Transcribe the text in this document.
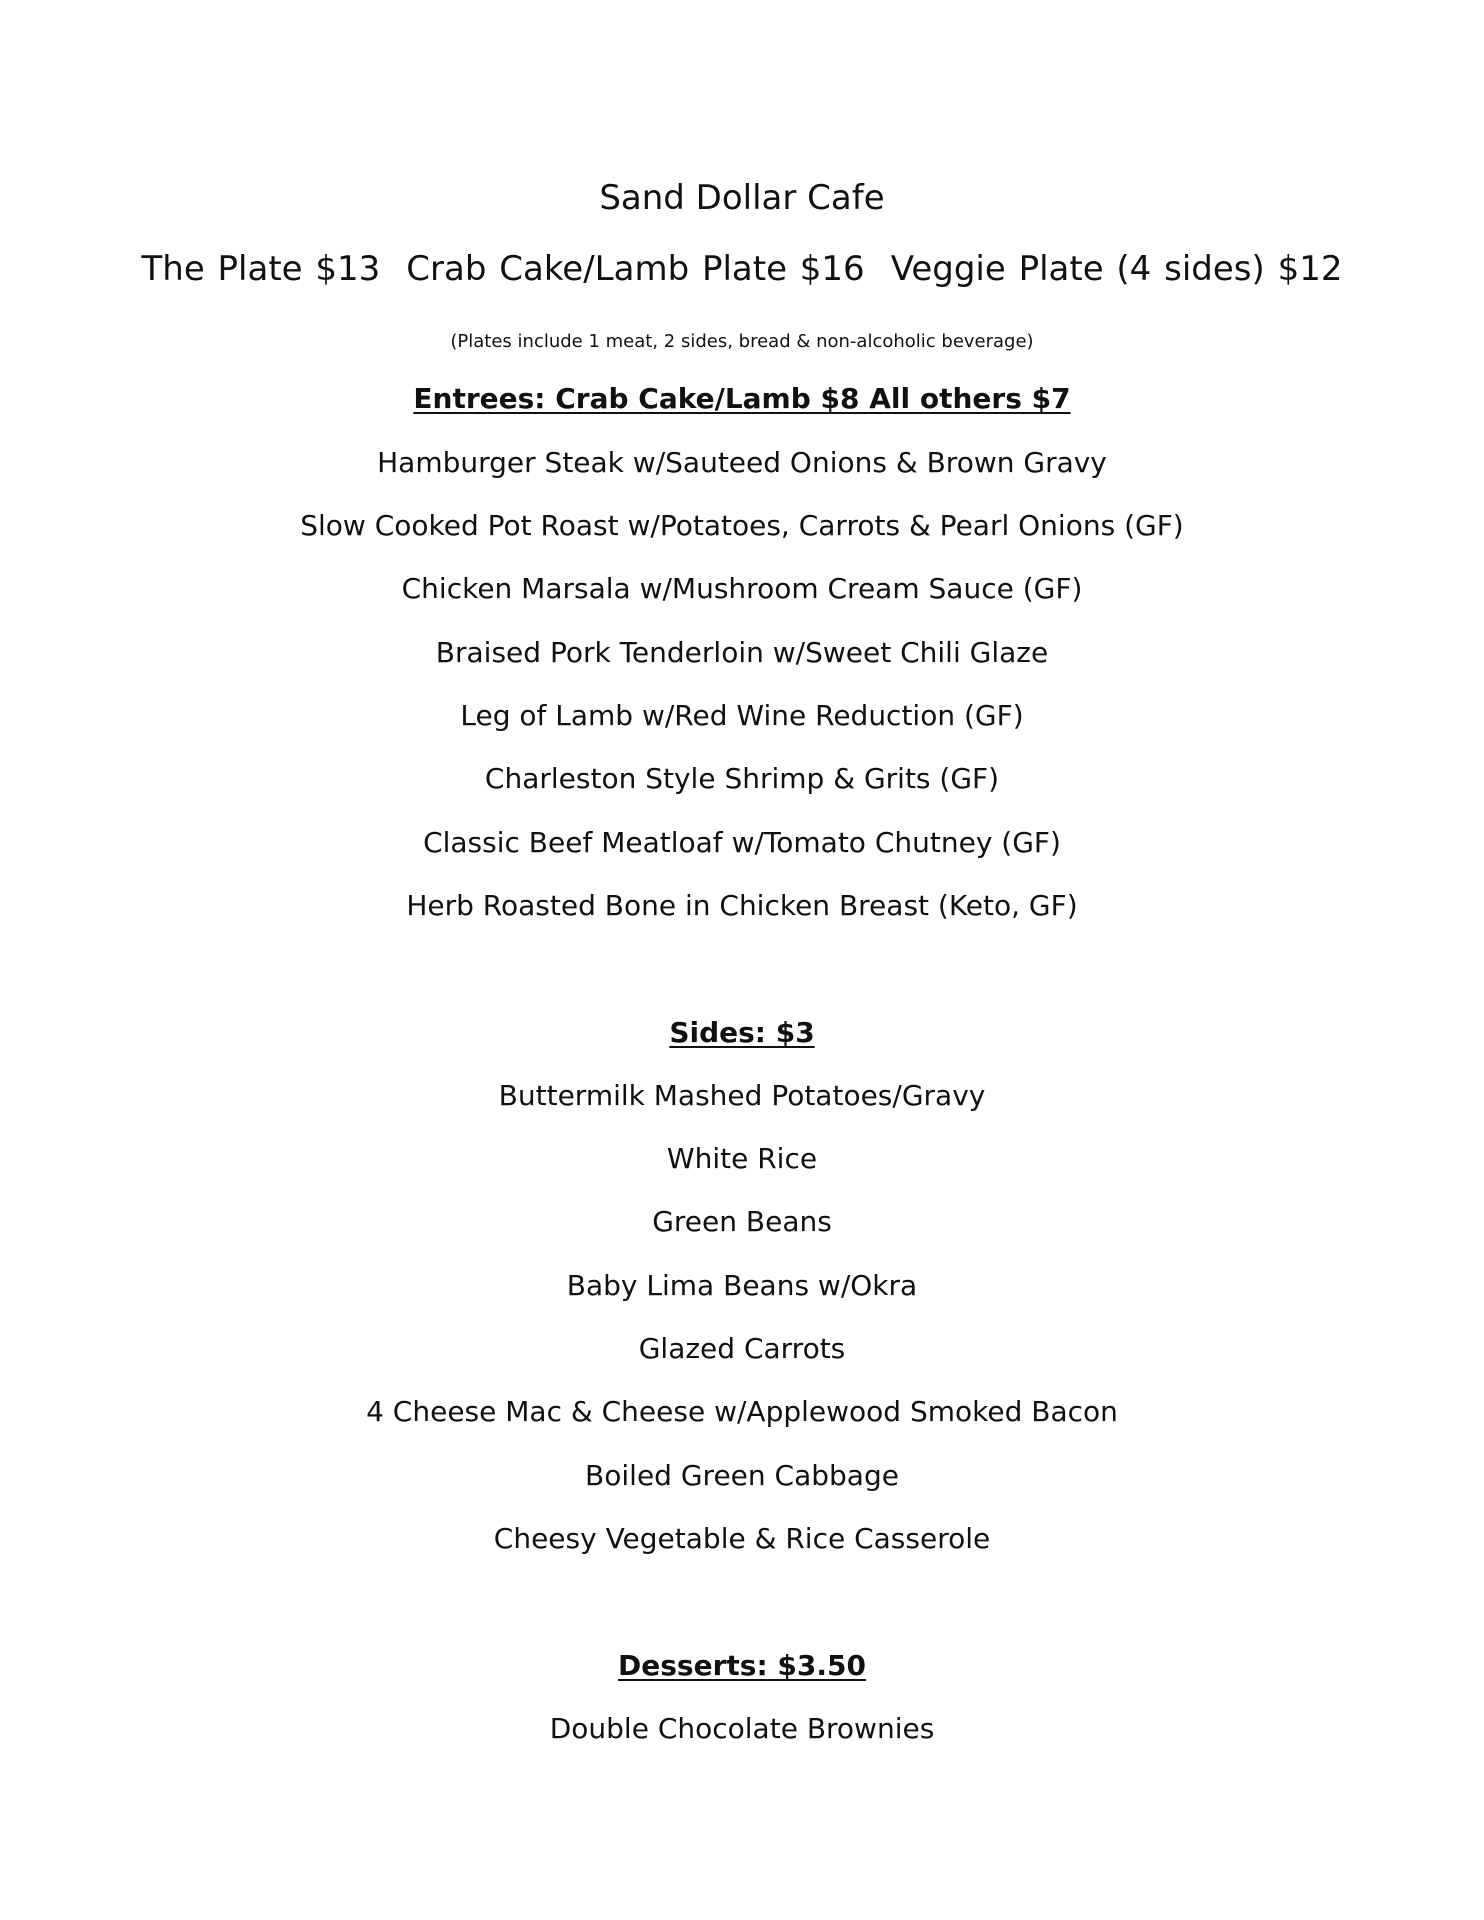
Sand Dollar Cafe
The Plate $13 Crab Cake/Lamb Plate $16 Veggie Plate (4 sides) $12
(Plates include 1 meat, 2 sides, bread & non-alcoholic beverage)
Entrees: Crab Cake/Lamb $8 All others $7
Hamburger Steak w/Sauteed Onions & Brown Gravy
Slow Cooked Pot Roast w/Potatoes, Carrots & Pearl Onions (GF)
Chicken Marsala w/Mushroom Cream Sauce (GF)
Braised Pork Tenderloin w/Sweet Chili Glaze
Leg of Lamb w/Red Wine Reduction (GF)
Charleston Style Shrimp & Grits (GF)
Classic Beef Meatloaf w/Tomato Chutney (GF)
Herb Roasted Bone in Chicken Breast (Keto, GF)
Sides: $3
Buttermilk Mashed Potatoes/Gravy
White Rice
Green Beans
Baby Lima Beans w/Okra
Glazed Carrots
4 Cheese Mac & Cheese w/Applewood Smoked Bacon
Boiled Green Cabbage
Cheesy Vegetable & Rice Casserole
Desserts: $3.50
Double Chocolate Brownies
